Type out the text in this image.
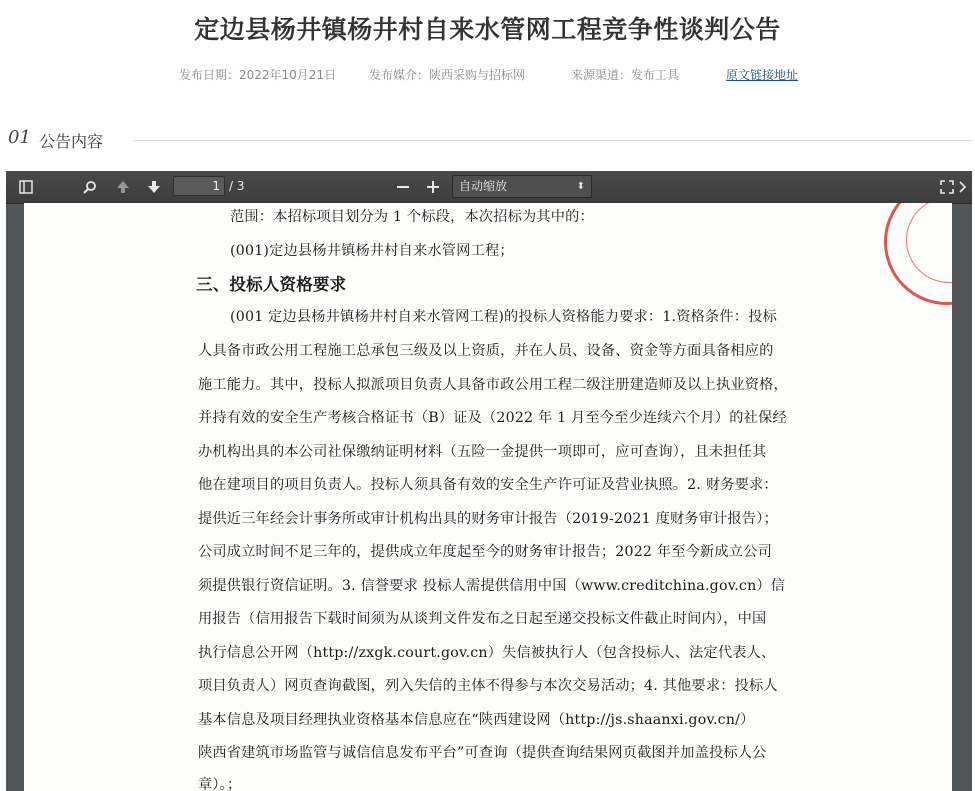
定边县杨井镇杨井村自来水管网工程竞争性谈判公告
发布日期：2022年10月21日	发布媒介：陕西采购与招标网	来源渠道：发布工具	原文链接地址
01 公告内容
1 / 3	自动缩放	⬍
范围：本招标项目划分为 1 个标段，本次招标为其中的：
(001)定边县杨井镇杨井村自来水管网工程；
三、投标人资格要求
(001 定边县杨井镇杨井村自来水管网工程)的投标人资格能力要求：1.资格条件：投标
人具备市政公用工程施工总承包三级及以上资质，并在人员、设备、资金等方面具备相应的
施工能力。其中，投标人拟派项目负责人具备市政公用工程二级注册建造师及以上执业资格，
并持有效的安全生产考核合格证书（B）证及（2022 年 1 月至今至少连续六个月）的社保经
办机构出具的本公司社保缴纳证明材料（五险一金提供一项即可，应可查询），且未担任其
他在建项目的项目负责人。投标人须具备有效的安全生产许可证及营业执照。2. 财务要求：
提供近三年经会计事务所或审计机构出具的财务审计报告（2019-2021 度财务审计报告）；
公司成立时间不足三年的，提供成立年度起至今的财务审计报告；2022 年至今新成立公司
须提供银行资信证明。3. 信誉要求 投标人需提供信用中国（www.creditchina.gov.cn）信
用报告（信用报告下载时间须为从谈判文件发布之日起至递交投标文件截止时间内），中国
执行信息公开网（http://zxgk.court.gov.cn）失信被执行人（包含投标人、法定代表人、
项目负责人）网页查询截图，列入失信的主体不得参与本次交易活动；4. 其他要求：投标人
基本信息及项目经理执业资格基本信息应在“陕西建设网（http://js.shaanxi.gov.cn/）
陕西省建筑市场监管与诚信信息发布平台”可查询（提供查询结果网页截图并加盖投标人公
章）。；
